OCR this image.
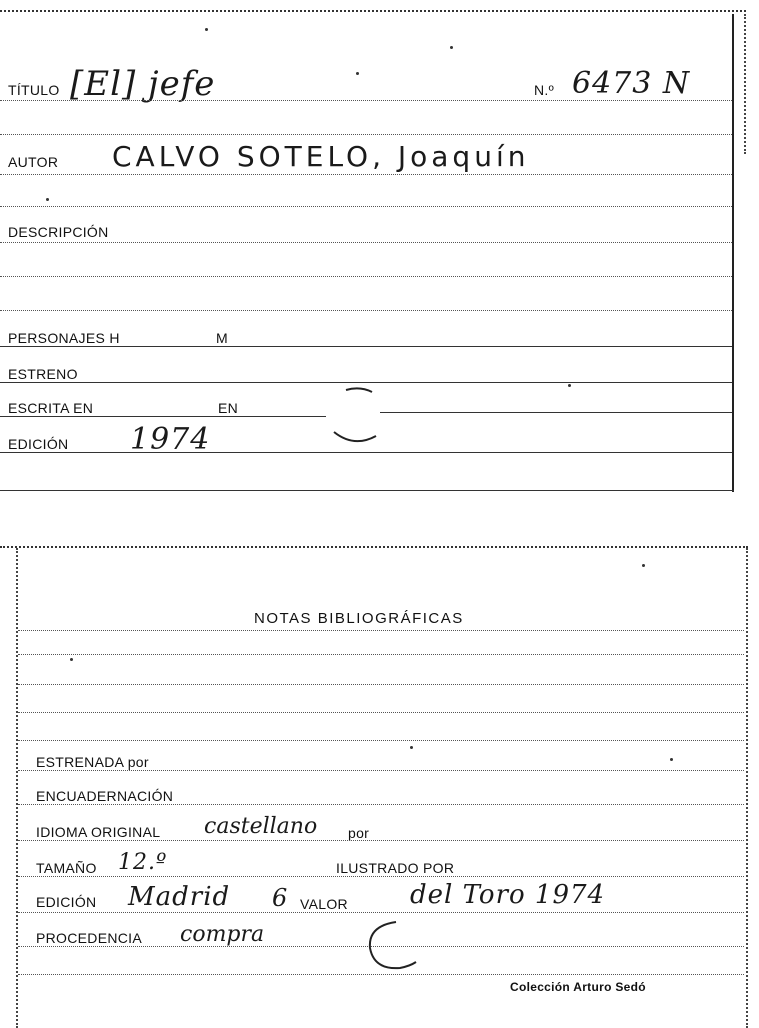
TÍTULO [El] jefe	N.º 6473 N
AUTOR CALVO SOTELO, Joaquín
DESCRIPCIÓN
PERSONAJES H	M
ESTRENO
ESCRITA EN	EN
EDICIÓN 1974
NOTAS BIBLIOGRÁFICAS
ESTRENADA por
ENCUADERNACIÓN
IDIOMA ORIGINAL castellano por
TAMAÑO 12.º	ILUSTRADO POR
EDICIÓN Madrid 6 VALOR del Toro 1974
PROCEDENCIA compra
Colección Arturo Sedó
